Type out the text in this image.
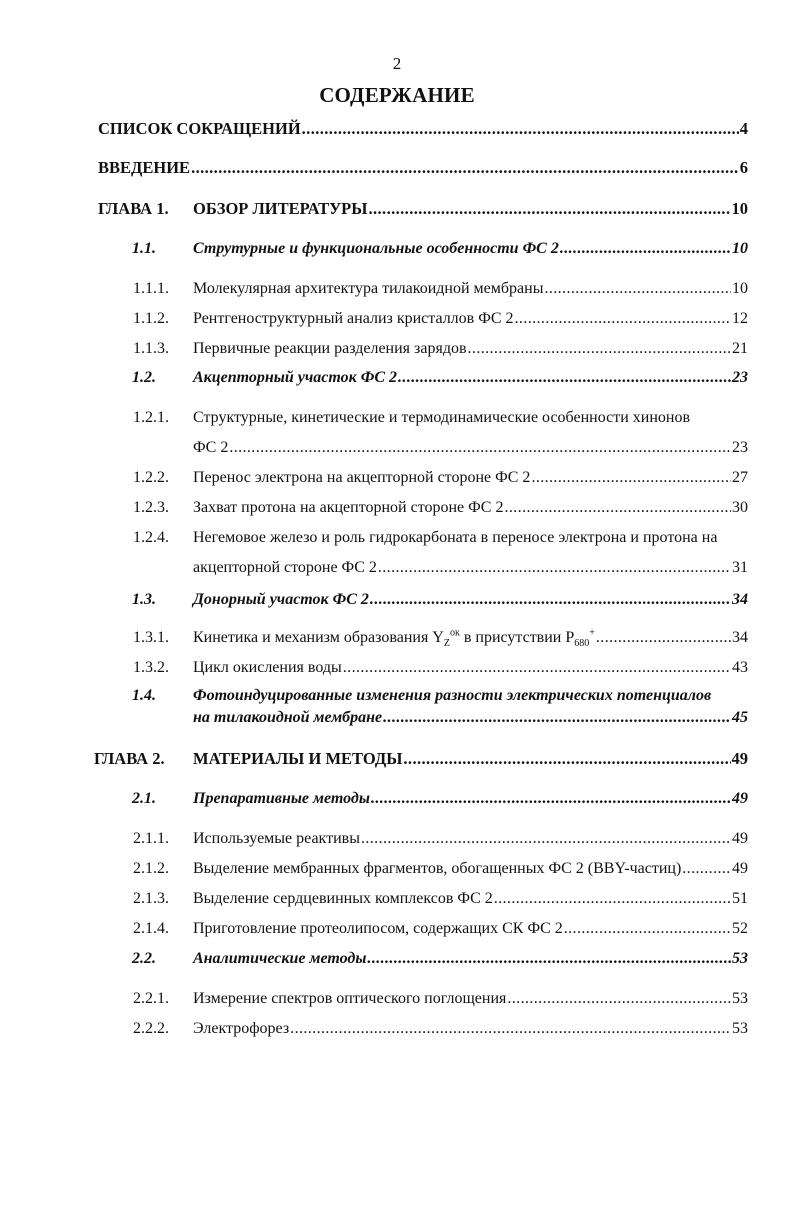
2
СОДЕРЖАНИЕ
СПИСОК СОКРАЩЕНИЙ .....	4
ВВЕДЕНИЕ .....	6
ГЛАВА 1. ОБЗОР ЛИТЕРАТУРЫ .....	10
1.1. Струтурные и функциональные особенности ФС 2 .....	10
1.1.1. Молекулярная архитектура тилакоидной мембраны .....	10
1.1.2. Рентгеноструктурный анализ кристаллов ФС 2 .....	12
1.1.3. Первичные реакции разделения зарядов .....	21
1.2. Акцепторный участок ФС 2 .....	23
1.2.1. Структурные, кинетические и термодинамические особенности хинонов
ФС 2 .....	23
1.2.2. Перенос электрона на акцепторной стороне ФС 2 .....	27
1.2.3. Захват протона на акцепторной стороне ФС 2 .....	30
1.2.4. Негемовое железо и роль гидрокарбоната в переносе электрона и протона на
акцепторной стороне ФС 2 .....	31
1.3. Донорный участок ФС 2 .....	34
1.3.1. Кинетика и механизм образования $Y_Z^{ок}$ в присутствии $P_{680}^+$ .....	34
1.3.2. Цикл окисления воды .....	43
1.4. Фотоиндуцированные изменения разности электрических потенциалов
на тилакоидной мембране .....	45
ГЛАВА 2. МАТЕРИАЛЫ И МЕТОДЫ .....	49
2.1. Препаративные методы .....	49
2.1.1. Используемые реактивы .....	49
2.1.2. Выделение мембранных фрагментов, обогащенных ФС 2 (BBY-частиц) .....	49
2.1.3. Выделение сердцевинных комплексов ФС 2 .....	51
2.1.4. Приготовление протеолипосом, содержащих СК ФС 2 .....	52
2.2. Аналитические методы .....	53
2.2.1. Измерение спектров оптического поглощения .....	53
2.2.2. Электрофорез .....	53
